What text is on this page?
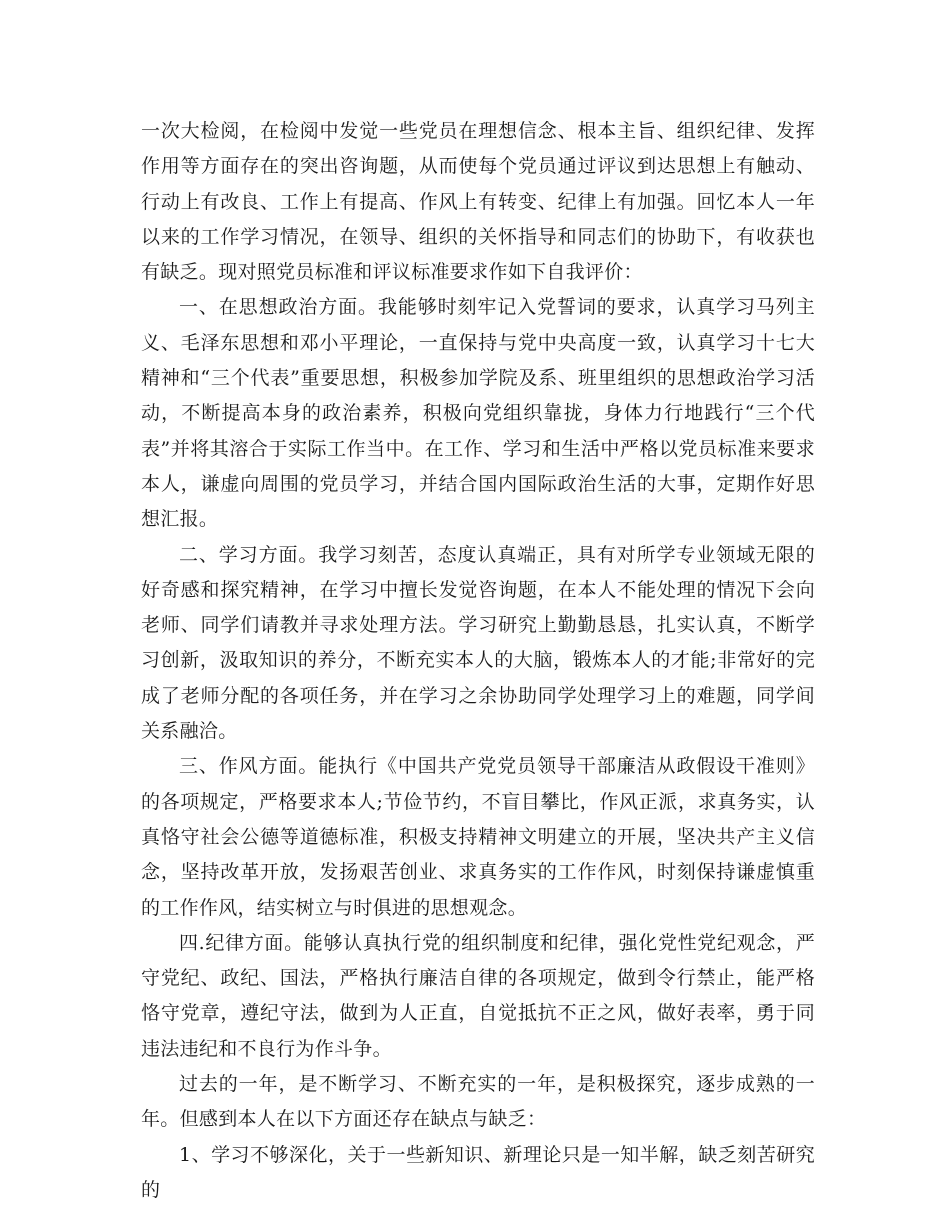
一次大检阅，在检阅中发觉一些党员在理想信念、根本主旨、组织纪律、发挥作用等方面存在的突出咨询题，从而使每个党员通过评议到达思想上有触动、行动上有改良、工作上有提高、作风上有转变、纪律上有加强。回忆本人一年以来的工作学习情况，在领导、组织的关怀指导和同志们的协助下，有收获也有缺乏。现对照党员标准和评议标准要求作如下自我评价：

一、在思想政治方面。我能够时刻牢记入党誓词的要求，认真学习马列主义、毛泽东思想和邓小平理论，一直保持与党中央高度一致，认真学习十七大精神和“三个代表”重要思想，积极参加学院及系、班里组织的思想政治学习活动，不断提高本身的政治素养，积极向党组织靠拢，身体力行地践行“三个代表”并将其溶合于实际工作当中。在工作、学习和生活中严格以党员标准来要求本人，谦虚向周围的党员学习，并结合国内国际政治生活的大事，定期作好思想汇报。

二、学习方面。我学习刻苦，态度认真端正，具有对所学专业领域无限的好奇感和探究精神，在学习中擅长发觉咨询题，在本人不能处理的情况下会向老师、同学们请教并寻求处理方法。学习研究上勤勤恳恳，扎实认真，不断学习创新，汲取知识的养分，不断充实本人的大脑，锻炼本人的才能;非常好的完成了老师分配的各项任务，并在学习之余协助同学处理学习上的难题，同学间关系融洽。

三、作风方面。能执行《中国共产党党员领导干部廉洁从政假设干准则》的各项规定，严格要求本人;节俭节约，不盲目攀比，作风正派，求真务实，认真恪守社会公德等道德标准，积极支持精神文明建立的开展，坚决共产主义信念，坚持改革开放，发扬艰苦创业、求真务实的工作作风，时刻保持谦虚慎重的工作作风，结实树立与时俱进的思想观念。

四.纪律方面。能够认真执行党的组织制度和纪律，强化党性党纪观念，严守党纪、政纪、国法，严格执行廉洁自律的各项规定，做到令行禁止，能严格恪守党章，遵纪守法，做到为人正直，自觉抵抗不正之风，做好表率，勇于同违法违纪和不良行为作斗争。

过去的一年，是不断学习、不断充实的一年，是积极探究，逐步成熟的一年。但感到本人在以下方面还存在缺点与缺乏：

1、学习不够深化，关于一些新知识、新理论只是一知半解，缺乏刻苦研究的
